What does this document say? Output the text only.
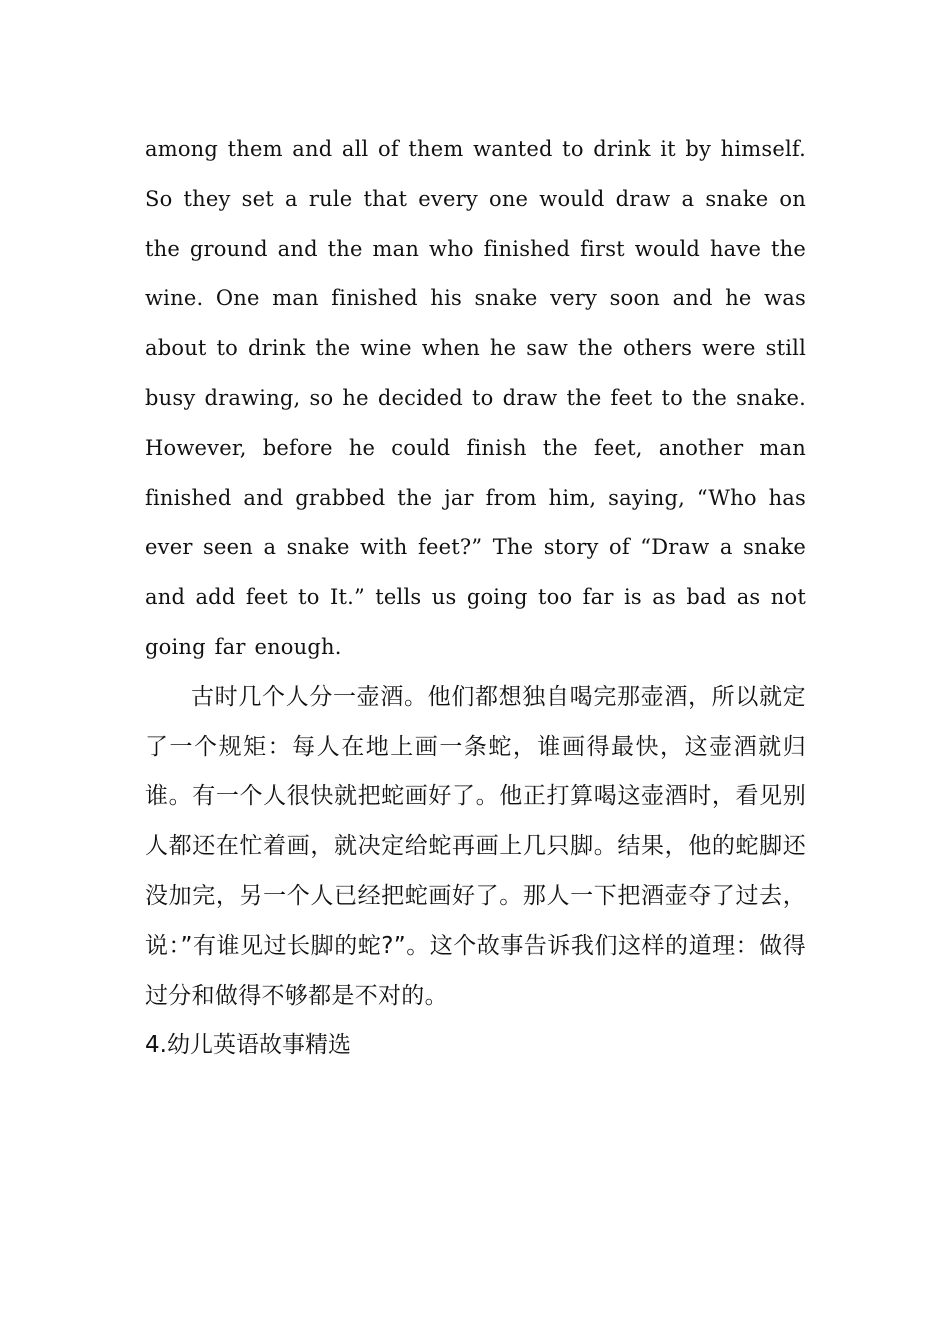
among them and all of them wanted to drink it by himself. So they set a rule that every one would draw a snake on the ground and the man who finished first would have the wine. One man finished his snake very soon and he was about to drink the wine when he saw the others were still busy drawing, so he decided to draw the feet to the snake. However, before he could finish the feet, another man finished and grabbed the jar from him, saying, “Who has ever seen a snake with feet?” The story of “Draw a snake and add feet to It.” tells us going too far is as bad as not going far enough.

古时几个人分一壶酒。他们都想独自喝完那壶酒，所以就定了一个规矩：每人在地上画一条蛇，谁画得最快，这壶酒就归谁。有一个人很快就把蛇画好了。他正打算喝这壶酒时，看见别人都还在忙着画，就决定给蛇再画上几只脚。结果，他的蛇脚还没加完，另一个人已经把蛇画好了。那人一下把酒壶夺了过去，说：”有谁见过长脚的蛇?”。这个故事告诉我们这样的道理：做得过分和做得不够都是不对的。

4.幼儿英语故事精选
